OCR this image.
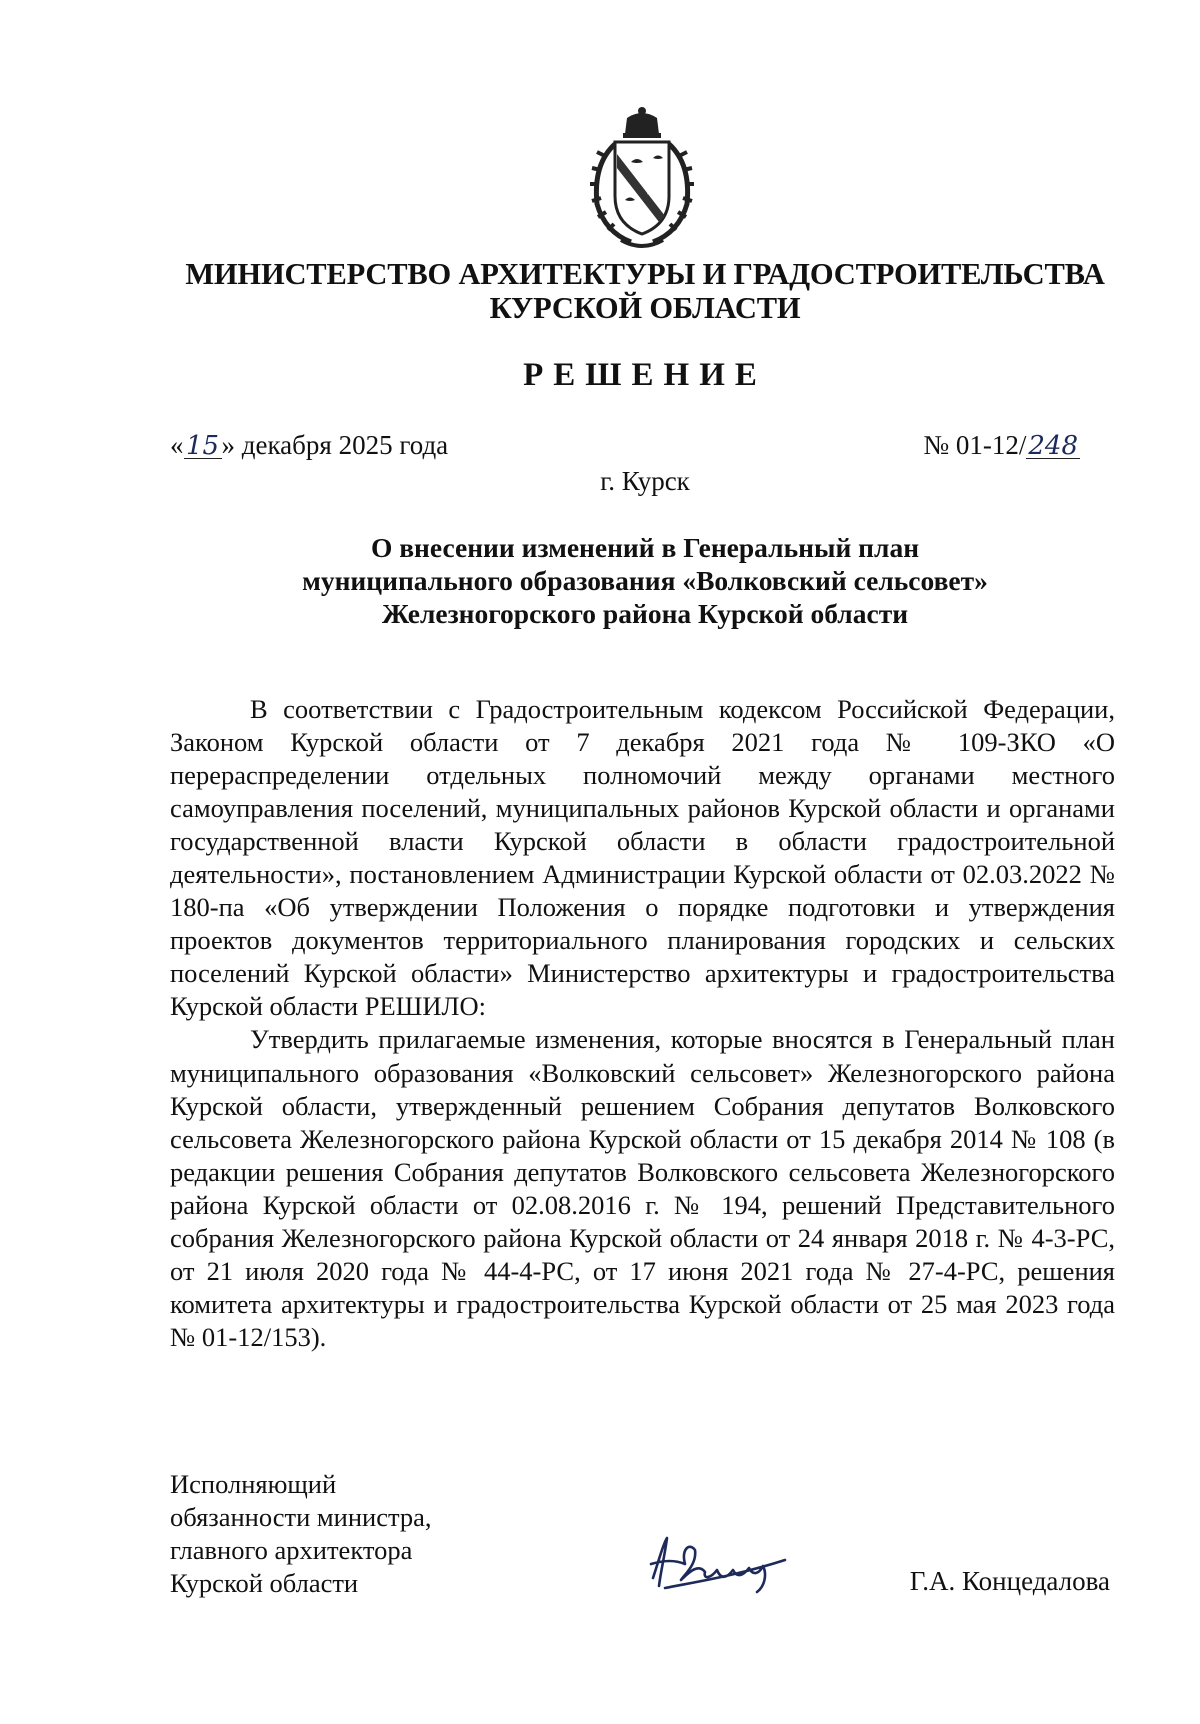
МИНИСТЕРСТВО АРХИТЕКТУРЫ И ГРАДОСТРОИТЕЛЬСТВА
КУРСКОЙ ОБЛАСТИ
РЕШЕНИЕ
«15» декабря 2025 года	№ 01-12/248
г. Курск
О внесении изменений в Генеральный план
муниципального образования «Волковский сельсовет»
Железногорского района Курской области

В соответствии с Градостроительным кодексом Российской Федерации, Законом Курской области от 7 декабря 2021 года № 109-ЗКО «О перераспределении отдельных полномочий между органами местного самоуправления поселений, муниципальных районов Курской области и органами государственной власти Курской области в области градостроительной деятельности», постановлением Администрации Курской области от 02.03.2022 № 180-па «Об утверждении Положения о порядке подготовки и утверждения проектов документов территориального планирования городских и сельских поселений Курской области» Министерство архитектуры и градостроительства Курской области РЕШИЛО:

Утвердить прилагаемые изменения, которые вносятся в Генеральный план муниципального образования «Волковский сельсовет» Железногорского района Курской области, утвержденный решением Собрания депутатов Волковского сельсовета Железногорского района Курской области от 15 декабря 2014 № 108 (в редакции решения Собрания депутатов Волковского сельсовета Железногорского района Курской области от 02.08.2016 г. № 194, решений Представительного собрания Железногорского района Курской области от 24 января 2018 г. № 4-3-РС, от 21 июля 2020 года № 44-4-РС, от 17 июня 2021 года № 27-4-РС, решения комитета архитектуры и градостроительства Курской области от 25 мая 2023 года № 01-12/153).

Исполняющий
обязанности министра,
главного архитектора
Курской области	Г.А. Концедалова
